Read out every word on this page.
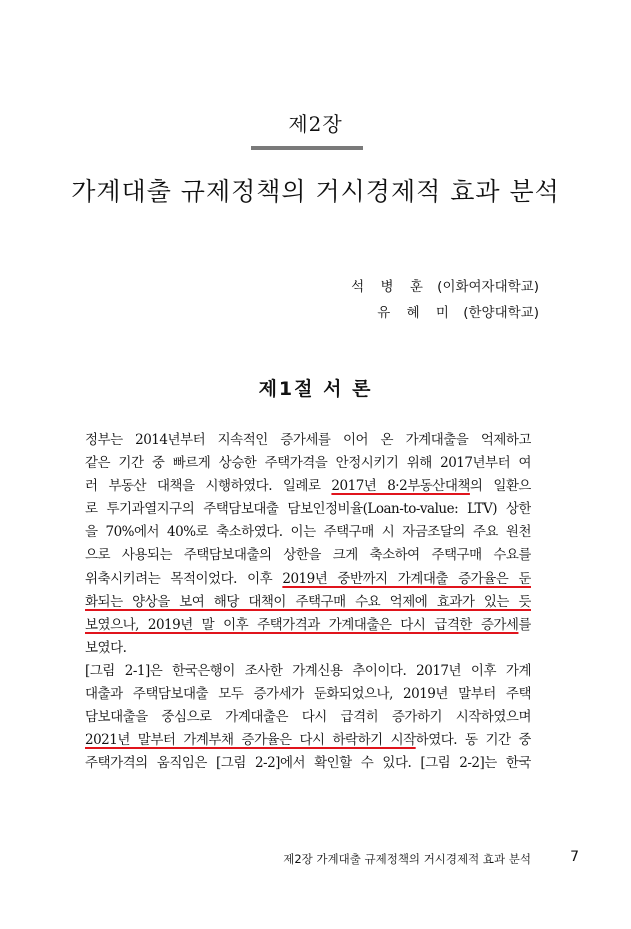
제2장
가계대출 규제정책의 거시경제적 효과 분석
석 병 훈 (이화여자대학교)
유 혜 미 (한양대학교)
제1절 서 론
정부는 2014년부터 지속적인 증가세를 이어 온 가계대출을 억제하고
같은 기간 중 빠르게 상승한 주택가격을 안정시키기 위해 2017년부터 여
러 부동산 대책을 시행하였다. 일례로 2017년 8·2부동산대책의 일환으
로 투기과열지구의 주택담보대출 담보인정비율(Loan-to-value: LTV) 상한
을 70%에서 40%로 축소하였다. 이는 주택구매 시 자금조달의 주요 원천
으로 사용되는 주택담보대출의 상한을 크게 축소하여 주택구매 수요를
위축시키려는 목적이었다. 이후 2019년 중반까지 가계대출 증가율은 둔
화되는 양상을 보여 해당 대책이 주택구매 수요 억제에 효과가 있는 듯
보였으나, 2019년 말 이후 주택가격과 가계대출은 다시 급격한 증가세를
보였다.
[그림 2-1]은 한국은행이 조사한 가계신용 추이이다. 2017년 이후 가계
대출과 주택담보대출 모두 증가세가 둔화되었으나, 2019년 말부터 주택
담보대출을 중심으로 가계대출은 다시 급격히 증가하기 시작하였으며
2021년 말부터 가계부채 증가율은 다시 하락하기 시작하였다. 동 기간 중
주택가격의 움직임은 [그림 2-2]에서 확인할 수 있다. [그림 2-2]는 한국
제2장 가계대출 규제정책의 거시경제적 효과 분석	7
